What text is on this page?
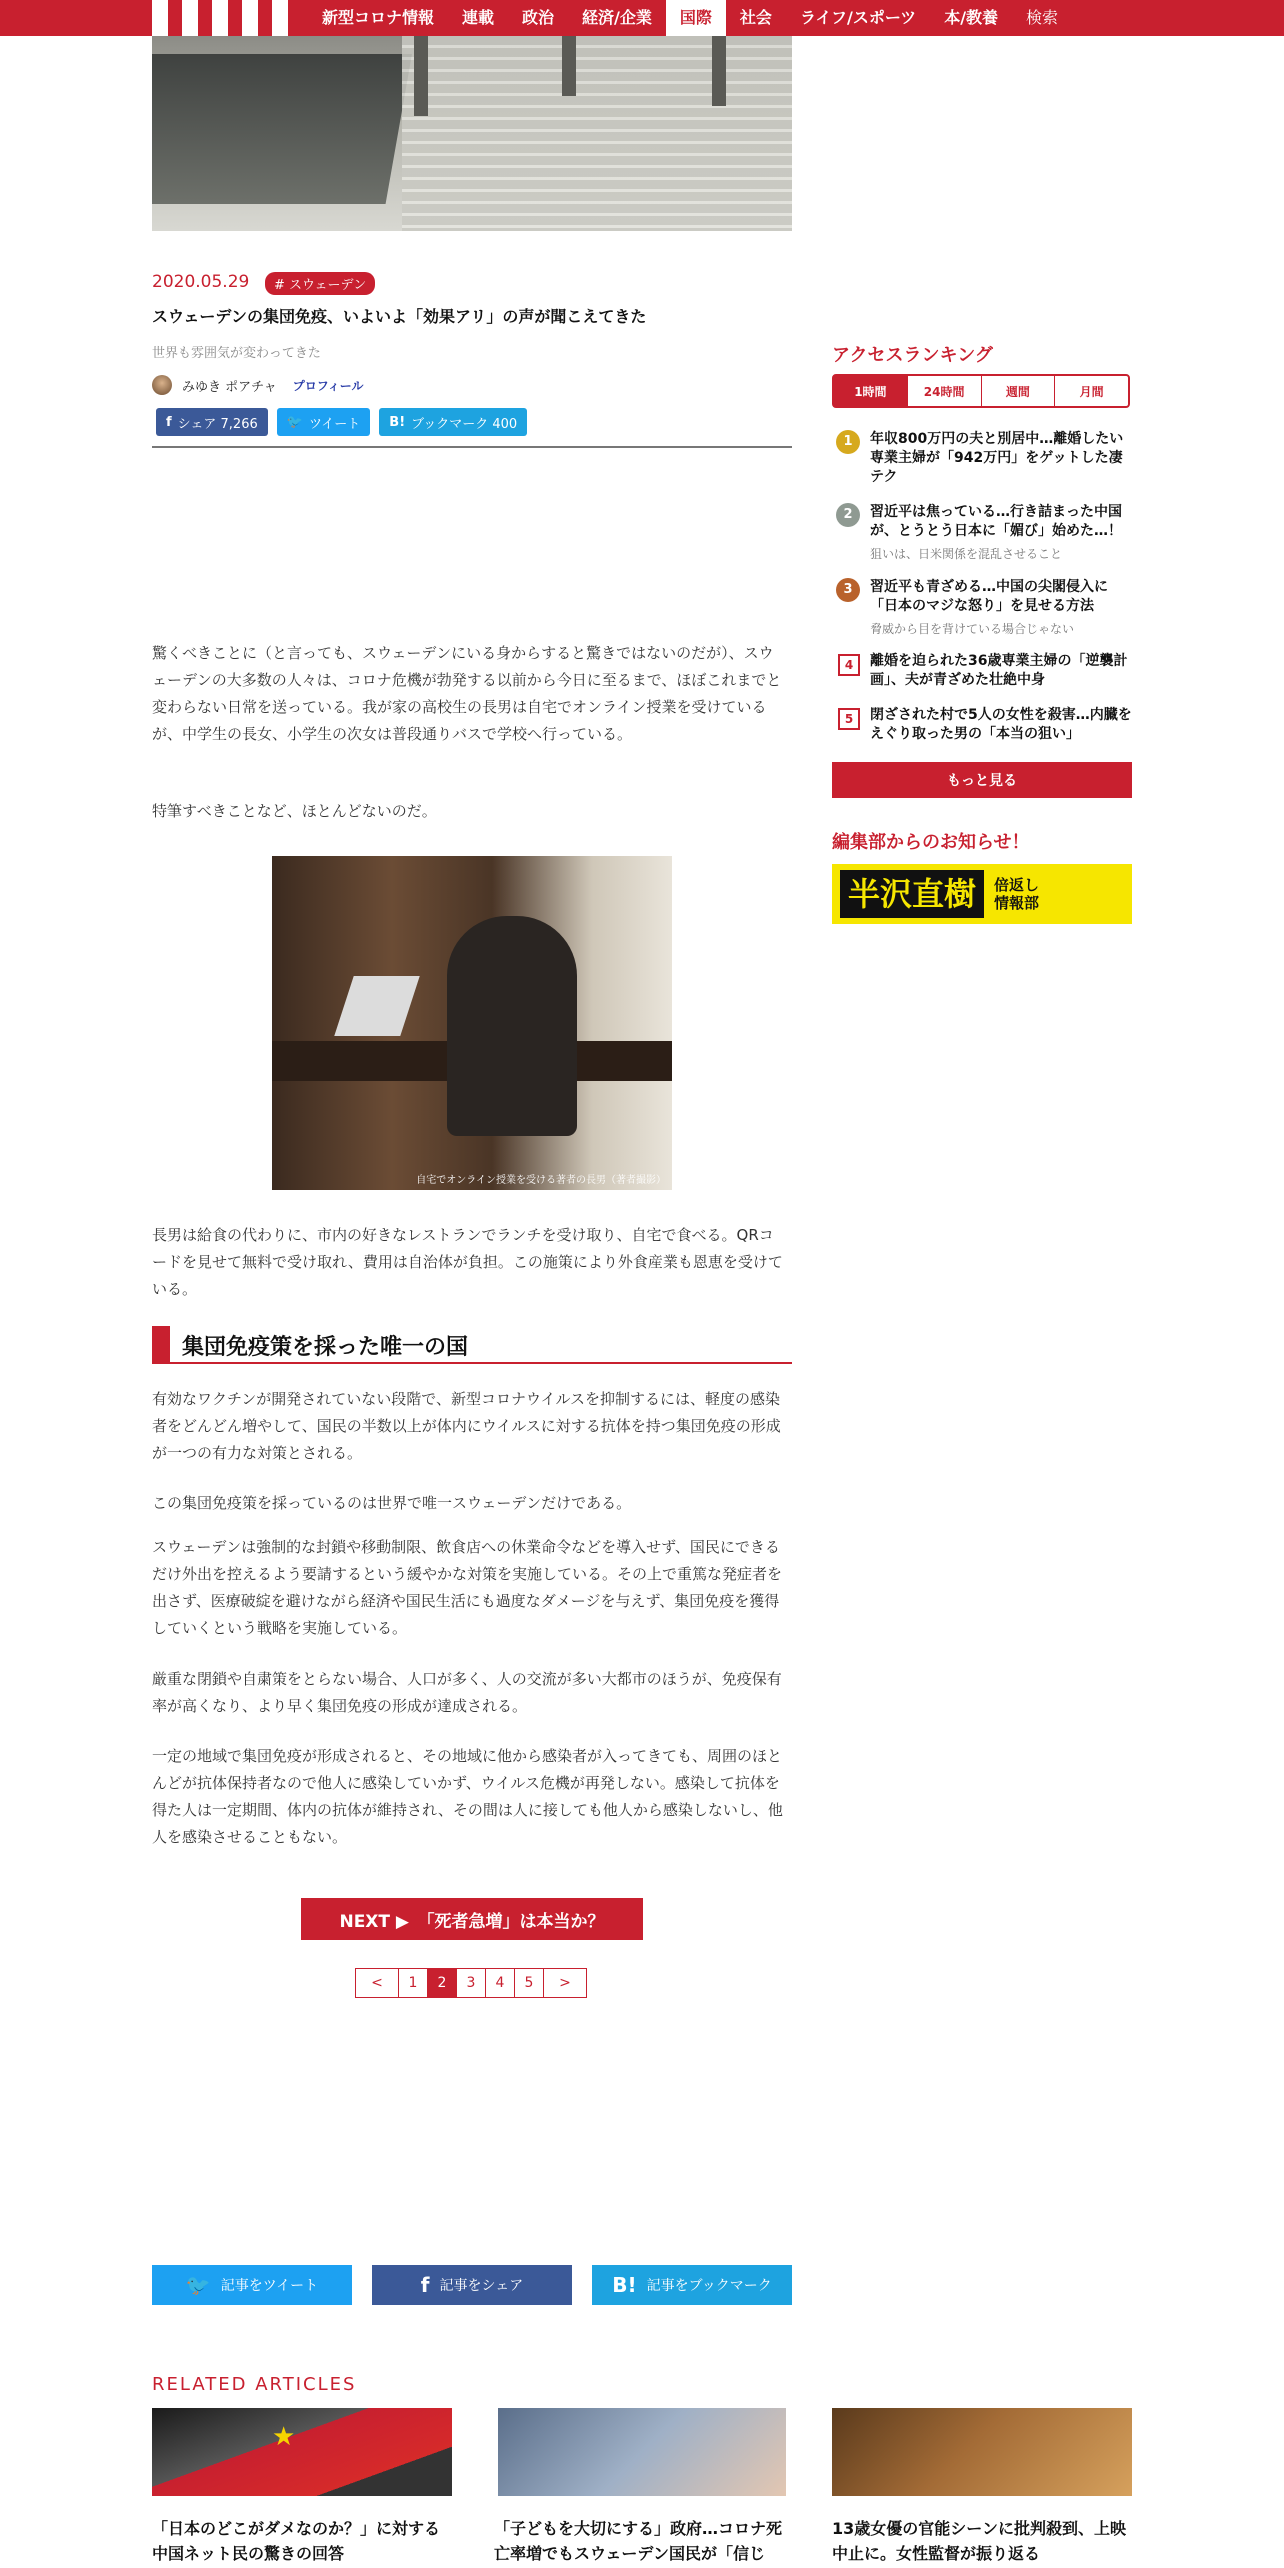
新型コロナ情報	連載	政治	経済/企業	国際	社会	ライフ/スポーツ	本/教養	検索
2020.05.29	# スウェーデン
スウェーデンの集団免疫、いよいよ「効果アリ」の声が聞こえてきた
世界も雰囲気が変わってきた
みゆき ポアチャ プロフィール
f シェア 7,266 🐦 ツイート B! ブックマーク 400

驚くべきことに（と言っても、スウェーデンにいる身からすると驚きではないのだが）、スウェーデンの大多数の人々は、コロナ危機が勃発する以前から今日に至るまで、ほぼこれまでと変わらない日常を送っている。我が家の高校生の長男は自宅でオンライン授業を受けているが、中学生の長女、小学生の次女は普段通りバスで学校へ行っている。

特筆すべきことなど、ほとんどないのだ。

自宅でオンライン授業を受ける著者の長男（著者撮影）

長男は給食の代わりに、市内の好きなレストランでランチを受け取り、自宅で食べる。QRコードを見せて無料で受け取れ、費用は自治体が負担。この施策により外食産業も恩恵を受けている。

集団免疫策を採った唯一の国

有効なワクチンが開発されていない段階で、新型コロナウイルスを抑制するには、軽度の感染者をどんどん増やして、国民の半数以上が体内にウイルスに対する抗体を持つ集団免疫の形成が一つの有力な対策とされる。

この集団免疫策を採っているのは世界で唯一スウェーデンだけである。

スウェーデンは強制的な封鎖や移動制限、飲食店への休業命令などを導入せず、国民にできるだけ外出を控えるよう要請するという緩やかな対策を実施している。その上で重篤な発症者を出さず、医療破綻を避けながら経済や国民生活にも過度なダメージを与えず、集団免疫を獲得していくという戦略を実施している。

厳重な閉鎖や自粛策をとらない場合、人口が多く、人の交流が多い大都市のほうが、免疫保有率が高くなり、より早く集団免疫の形成が達成される。

一定の地域で集団免疫が形成されると、その地域に他から感染者が入ってきても、周囲のほとんどが抗体保持者なので他人に感染していかず、ウイルス危機が再発しない。感染して抗体を得た人は一定期間、体内の抗体が維持され、その間は人に接しても他人から感染しないし、他人を感染させることもない。

NEXT ▶　「死者急増」は本当か？
<	1	2	3	4	5	>
🐦 記事をツイート	f 記事をシェア	B! 記事をブックマーク
RELATED ARTICLES
★
「日本のどこがダメなのか？」に対する中国ネット民の驚きの回答
「子どもを大切にする」政府…コロナ死亡率増でもスウェーデン国民が「信じ
13歳女優の官能シーンに批判殺到、上映中止に。女性監督が振り返る
アクセスランキング
1時間	24時間	週間	月間
1	年収800万円の夫と別居中…離婚したい専業主婦が「942万円」をゲットした凄テク
2	習近平は焦っている…行き詰まった中国が、とうとう日本に「媚び」始めた…！
狙いは、日米関係を混乱させること
3	習近平も青ざめる…中国の尖閣侵入に「日本のマジな怒り」を見せる方法
脅威から目を背けている場合じゃない
4	離婚を迫られた36歳専業主婦の「逆襲計画」、夫が青ざめた壮絶中身
5	閉ざされた村で5人の女性を殺害…内臓をえぐり取った男の「本当の狙い」
もっと見る
編集部からのお知らせ！
半沢直樹	倍返し
情報部
